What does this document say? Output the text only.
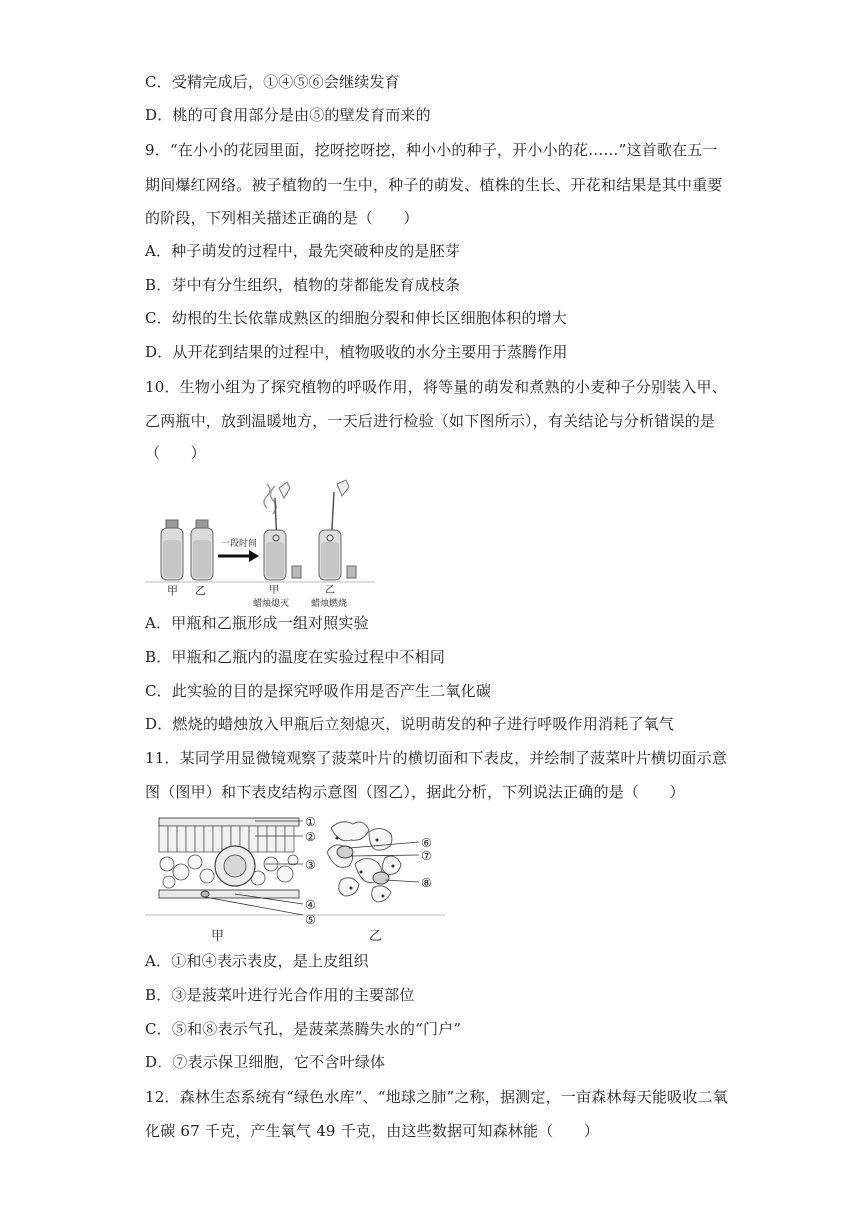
C．受精完成后，①④⑤⑥会继续发育
D．桃的可食用部分是由⑤的壁发育而来的
9．“在小小的花园里面，挖呀挖呀挖，种小小的种子，开小小的花……”这首歌在五一
期间爆红网络。被子植物的一生中，种子的萌发、植株的生长、开花和结果是其中重要
的阶段，下列相关描述正确的是（　　）
A．种子萌发的过程中，最先突破种皮的是胚芽
B．芽中有分生组织，植物的芽都能发育成枝条
C．幼根的生长依靠成熟区的细胞分裂和伸长区细胞体积的增大
D．从开花到结果的过程中，植物吸收的水分主要用于蒸腾作用
10．生物小组为了探究植物的呼吸作用，将等量的萌发和煮熟的小麦种子分别装入甲、
乙两瓶中，放到温暖地方，一天后进行检验（如下图所示），有关结论与分析错误的是
（　　）
甲 乙
一段时间
甲	乙
蜡烛熄灭 蜡烛燃烧
A．甲瓶和乙瓶形成一组对照实验
B．甲瓶和乙瓶内的温度在实验过程中不相同
C．此实验的目的是探究呼吸作用是否产生二氧化碳
D．燃烧的蜡烛放入甲瓶后立刻熄灭，说明萌发的种子进行呼吸作用消耗了氧气
11．某同学用显微镜观察了菠菜叶片的横切面和下表皮，并绘制了菠菜叶片横切面示意
图（图甲）和下表皮结构示意图（图乙），据此分析，下列说法正确的是（　　）
①
②
③
④
⑤
⑥
⑦
⑧
甲	乙
A．①和④表示表皮，是上皮组织
B．③是菠菜叶进行光合作用的主要部位
C．⑤和⑧表示气孔，是菠菜蒸腾失水的“门户”
D．⑦表示保卫细胞，它不含叶绿体
12．森林生态系统有“绿色水库”、“地球之肺”之称，据测定，一亩森林每天能吸收二氧
化碳 67 千克，产生氧气 49 千克，由这些数据可知森林能（　　）
